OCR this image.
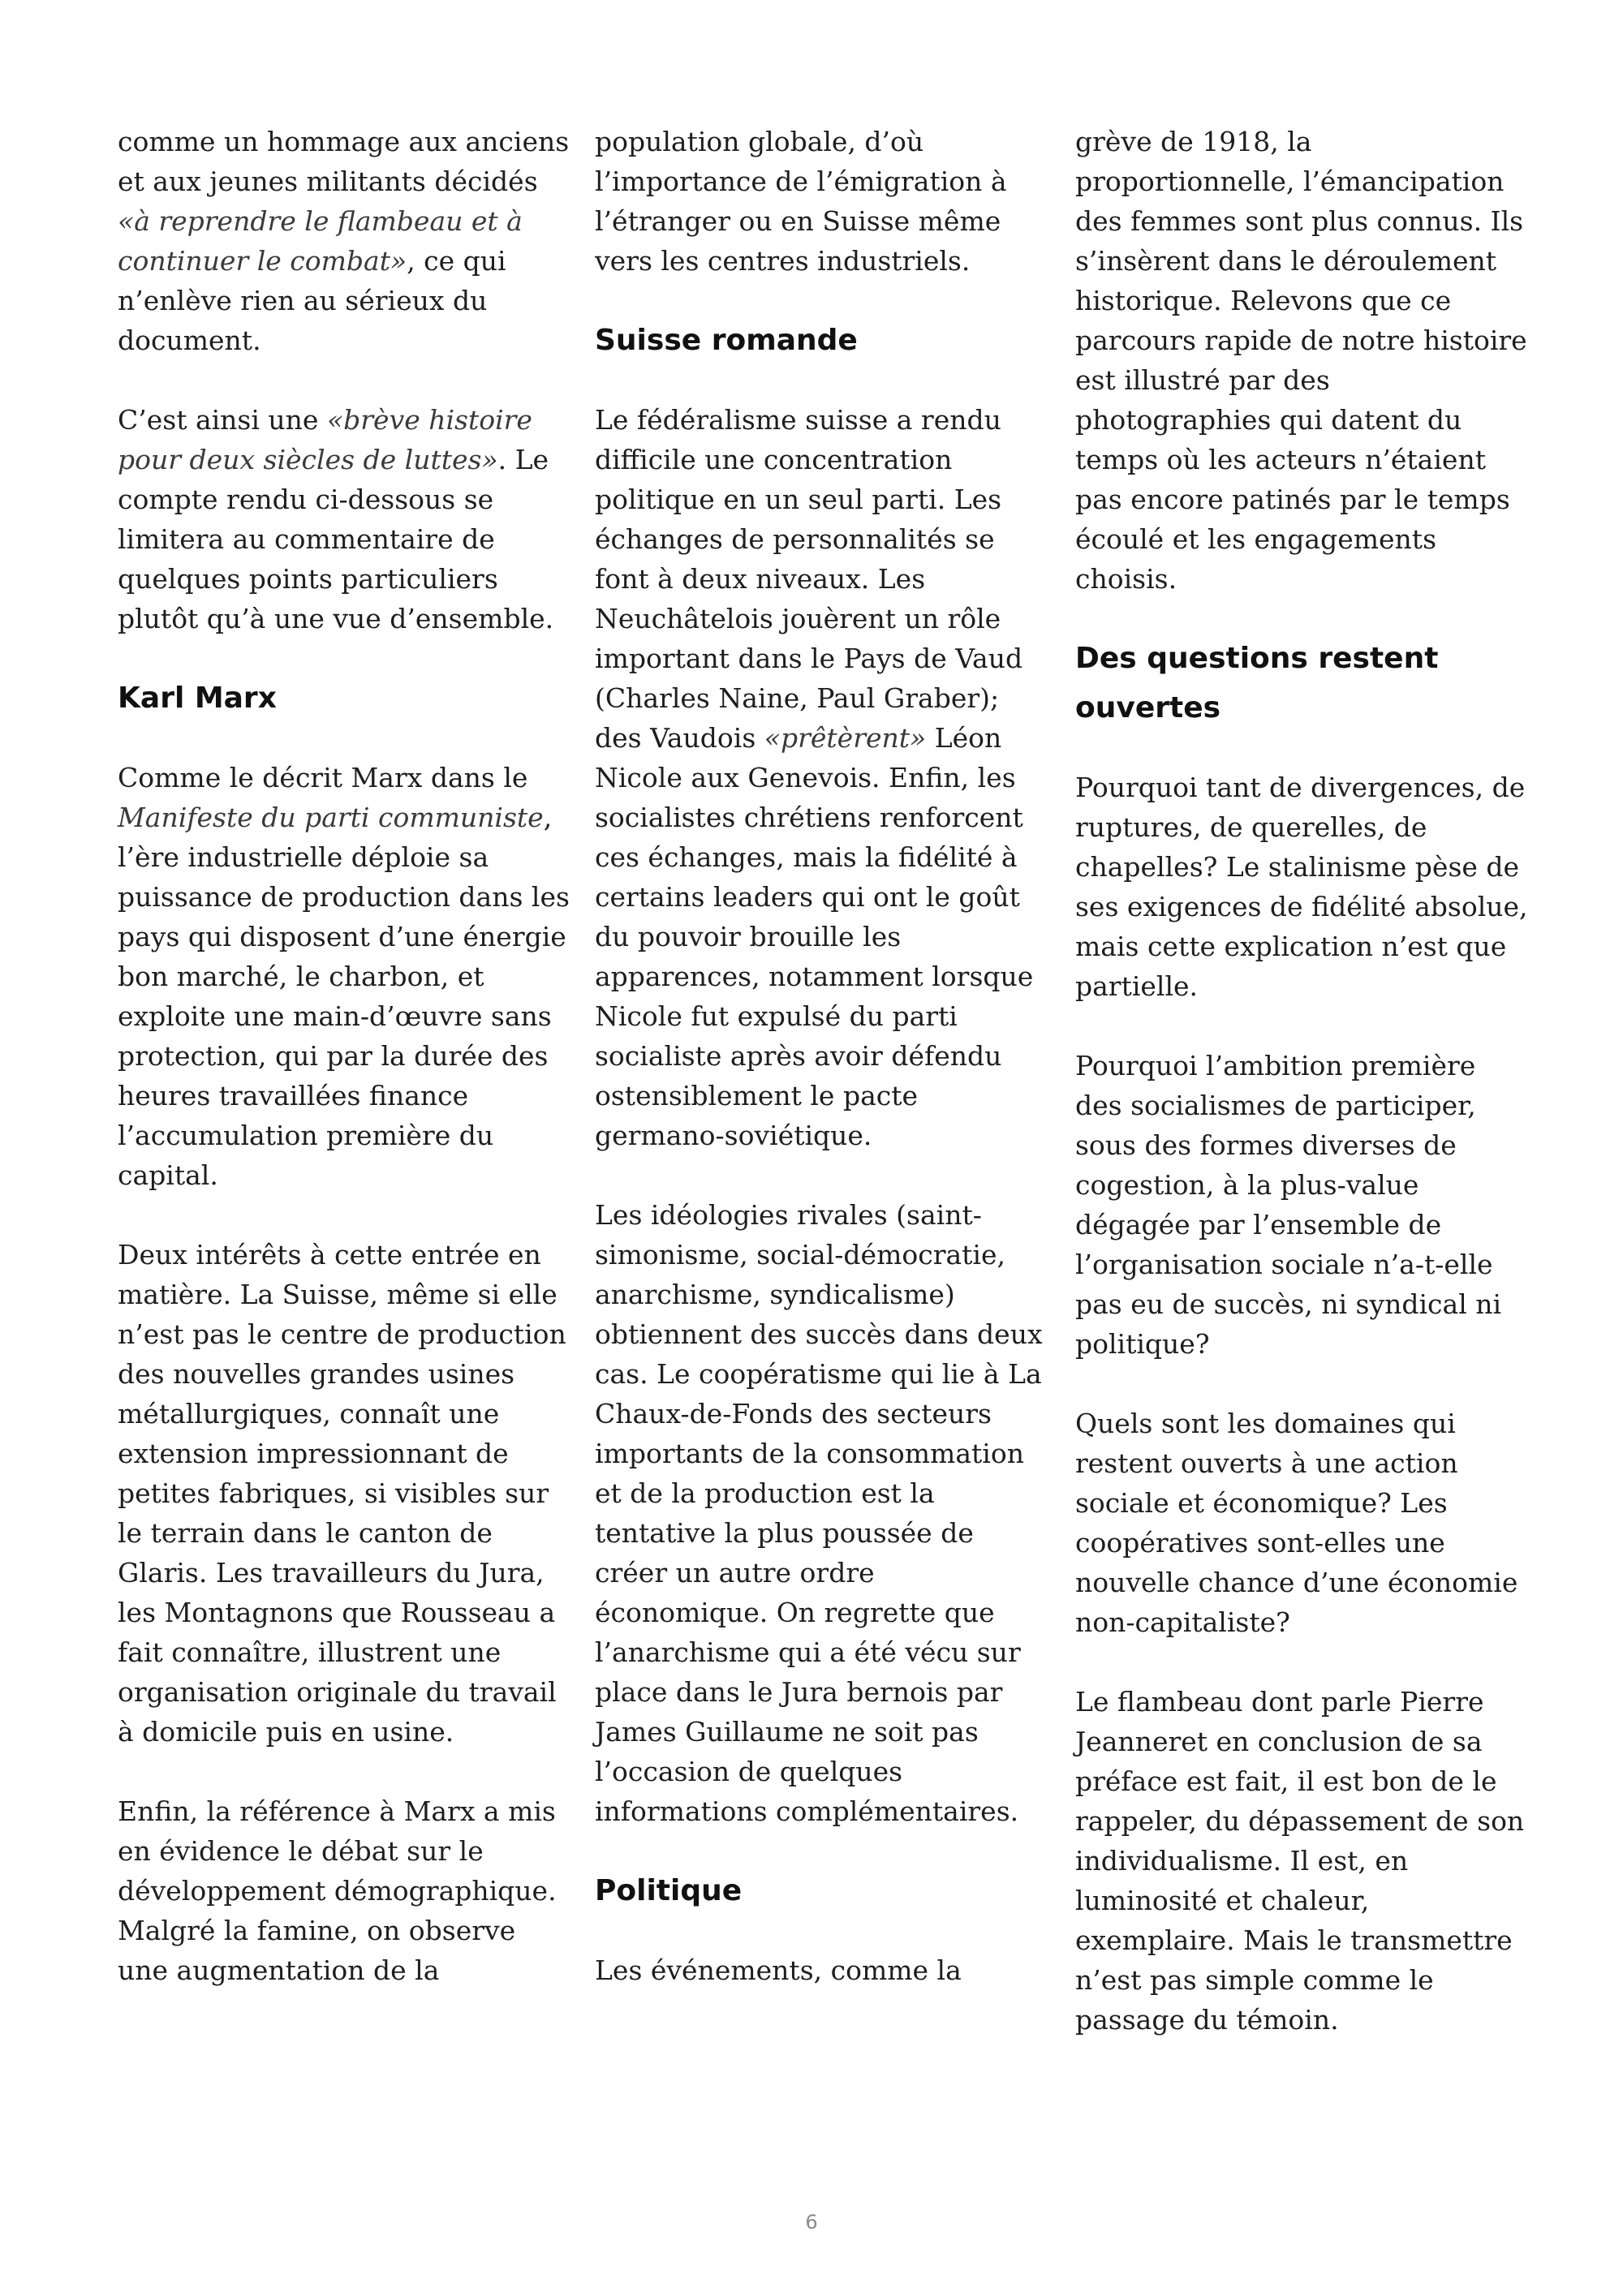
comme un hommage aux anciens et aux jeunes militants décidés «à reprendre le flambeau et à continuer le combat», ce qui n’enlève rien au sérieux du document.

C’est ainsi une «brève histoire pour deux siècles de luttes». Le compte rendu ci-dessous se limitera au commentaire de quelques points particuliers plutôt qu’à une vue d’ensemble.

Karl Marx

Comme le décrit Marx dans le Manifeste du parti communiste, l’ère industrielle déploie sa puissance de production dans les pays qui disposent d’une énergie bon marché, le charbon, et exploite une main-d’œuvre sans protection, qui par la durée des heures travaillées finance l’accumulation première du capital.

Deux intérêts à cette entrée en matière. La Suisse, même si elle n’est pas le centre de production des nouvelles grandes usines métallurgiques, connaît une extension impressionnant de petites fabriques, si visibles sur le terrain dans le canton de Glaris. Les travailleurs du Jura, les Montagnons que Rousseau a fait connaître, illustrent une organisation originale du travail à domicile puis en usine.

Enfin, la référence à Marx a mis en évidence le débat sur le développement démographique. Malgré la famine, on observe une augmentation de la

population globale, d’où l’importance de l’émigration à l’étranger ou en Suisse même vers les centres industriels.

Suisse romande

Le fédéralisme suisse a rendu difficile une concentration politique en un seul parti. Les échanges de personnalités se font à deux niveaux. Les Neuchâtelois jouèrent un rôle important dans le Pays de Vaud (Charles Naine, Paul Graber); des Vaudois «prêtèrent» Léon Nicole aux Genevois. Enfin, les socialistes chrétiens renforcent ces échanges, mais la fidélité à certains leaders qui ont le goût du pouvoir brouille les apparences, notamment lorsque Nicole fut expulsé du parti socialiste après avoir défendu ostensiblement le pacte germano-soviétique.

Les idéologies rivales (saint-simonisme, social-démocratie, anarchisme, syndicalisme) obtiennent des succès dans deux cas. Le coopératisme qui lie à La Chaux-de-Fonds des secteurs importants de la consommation et de la production est la tentative la plus poussée de créer un autre ordre économique. On regrette que l’anarchisme qui a été vécu sur place dans le Jura bernois par James Guillaume ne soit pas l’occasion de quelques informations complémentaires.

Politique

Les événements, comme la

grève de 1918, la proportionnelle, l’émancipation des femmes sont plus connus. Ils s’insèrent dans le déroulement historique. Relevons que ce parcours rapide de notre histoire est illustré par des photographies qui datent du temps où les acteurs n’étaient pas encore patinés par le temps écoulé et les engagements choisis.

Des questions restent ouvertes

Pourquoi tant de divergences, de ruptures, de querelles, de chapelles? Le stalinisme pèse de ses exigences de fidélité absolue, mais cette explication n’est que partielle.

Pourquoi l’ambition première des socialismes de participer, sous des formes diverses de cogestion, à la plus-value dégagée par l’ensemble de l’organisation sociale n’a-t-elle pas eu de succès, ni syndical ni politique?

Quels sont les domaines qui restent ouverts à une action sociale et économique? Les coopératives sont-elles une nouvelle chance d’une économie non-capitaliste?

Le flambeau dont parle Pierre Jeanneret en conclusion de sa préface est fait, il est bon de le rappeler, du dépassement de son individualisme. Il est, en luminosité et chaleur, exemplaire. Mais le transmettre n’est pas simple comme le passage du témoin.

6
